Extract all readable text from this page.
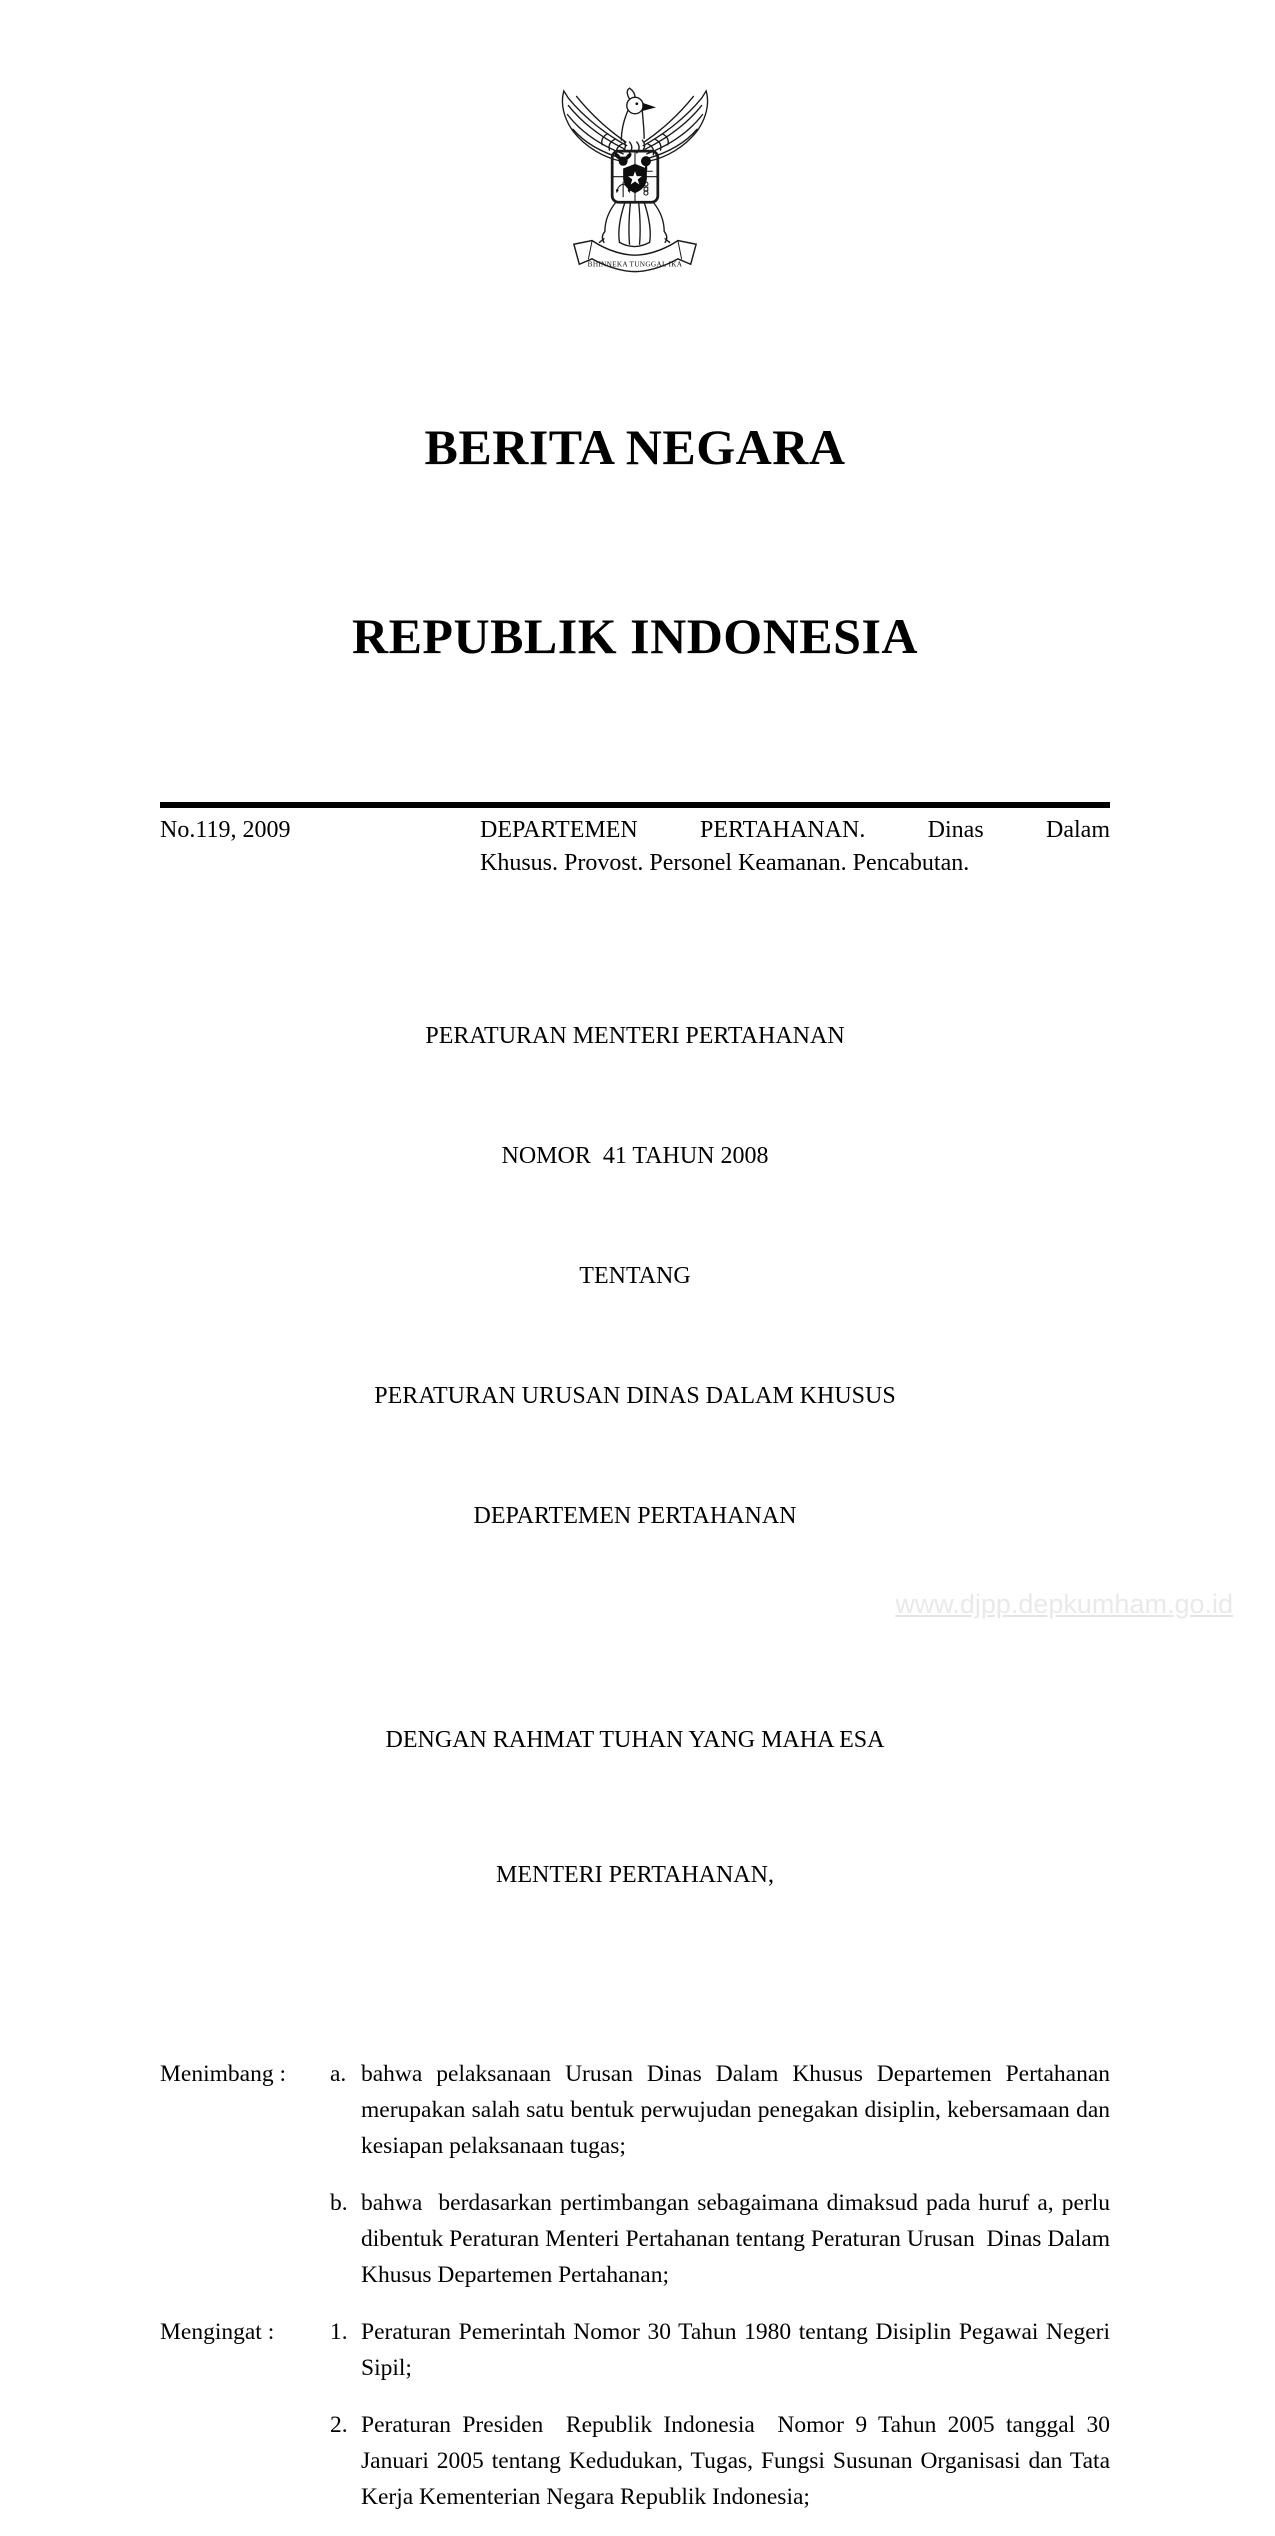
BHINNEKA TUNGGAL IKA

BERITA NEGARA

REPUBLIK INDONESIA

No.119, 2009	DEPARTEMEN PERTAHANAN. Dinas Dalam
Khusus. Provost. Personel Keamanan. Pencabutan.

PERATURAN MENTERI PERTAHANAN

NOMOR  41 TAHUN 2008

TENTANG

PERATURAN URUSAN DINAS DALAM KHUSUS

DEPARTEMEN PERTAHANAN

DENGAN RAHMAT TUHAN YANG MAHA ESA

MENTERI PERTAHANAN,

Menimbang :	a. bahwa pelaksanaan Urusan Dinas Dalam Khusus Departemen Pertahanan merupakan salah satu bentuk perwujudan penegakan disiplin, kebersamaan dan kesiapan pelaksanaan tugas;
b. bahwa  berdasarkan pertimbangan sebagaimana dimaksud pada huruf a, perlu dibentuk Peraturan Menteri Pertahanan tentang Peraturan Urusan  Dinas Dalam Khusus Departemen Pertahanan;
Mengingat :	1. Peraturan Pemerintah Nomor 30 Tahun 1980 tentang Disiplin Pegawai Negeri Sipil;
2. Peraturan Presiden  Republik Indonesia  Nomor 9 Tahun 2005 tanggal 30 Januari 2005 tentang Kedudukan, Tugas, Fungsi Susunan Organisasi dan Tata Kerja Kementerian Negara Republik Indonesia;
www.djpp.depkumham.go.id
